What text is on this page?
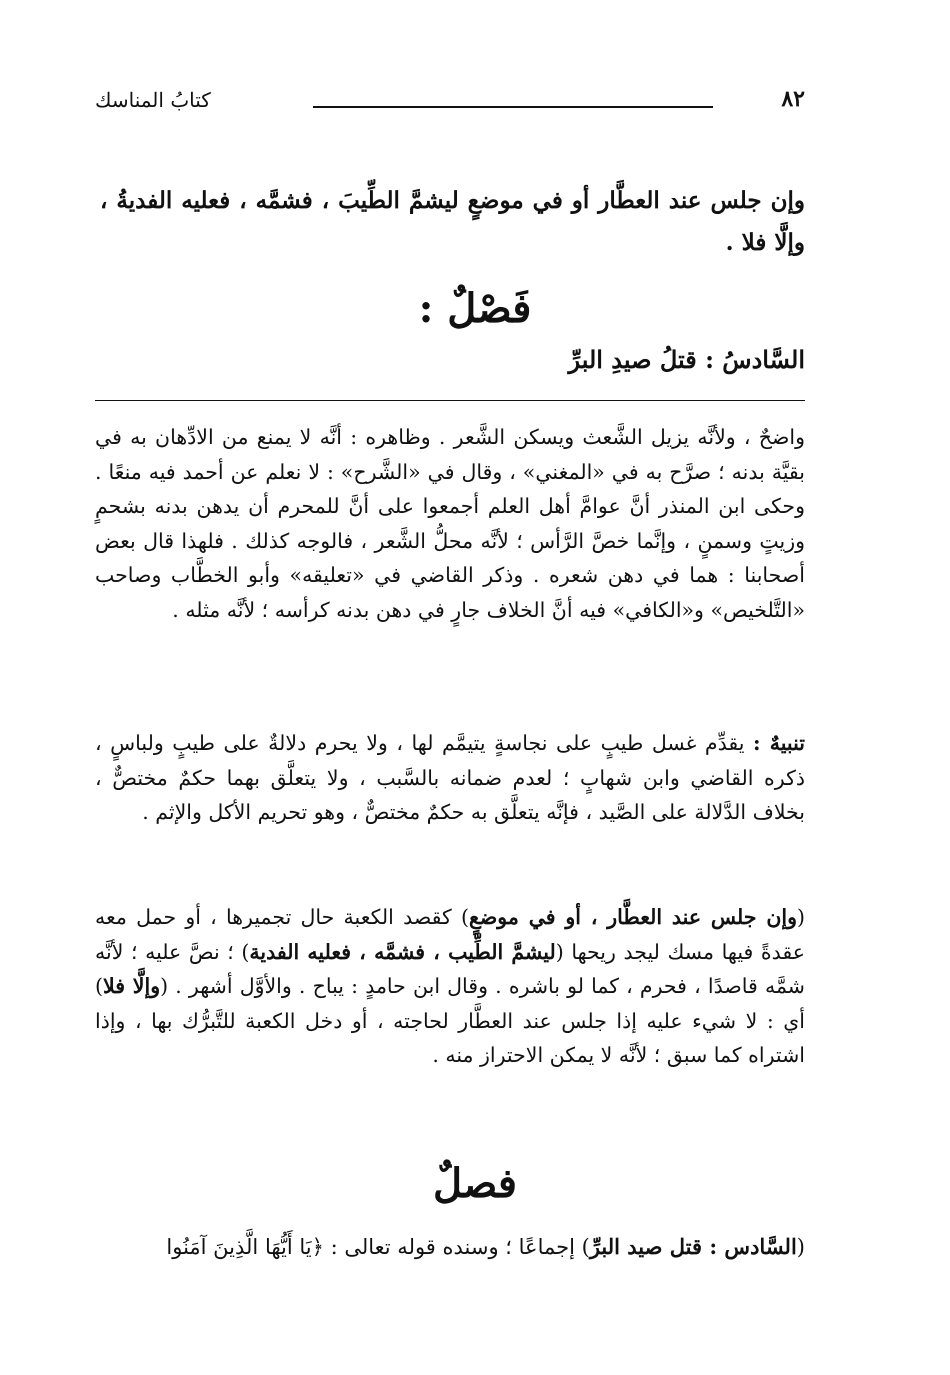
كتابُ المناسك	٨٢
وإن جلس عند العطَّار أو في موضعٍ ليشمَّ الطِّيبَ ، فشمَّه ، فعليه الفديةُ ، وإلَّا فلا .
فَصْلٌ :
السَّادسُ : قتلُ صيدِ البرِّ
واضحٌ ، ولأنَّه يزيل الشَّعث ويسكن الشَّعر . وظاهره : أنَّه لا يمنع من الادِّهان به في بقيَّة بدنه ؛ صرَّح به في «المغني» ، وقال في «الشَّرح» : لا نعلم عن أحمد فيه منعًا . وحكى ابن المنذر أنَّ عوامَّ أهل العلم أجمعوا على أنَّ للمحرم أن يدهن بدنه بشحمٍ وزيتٍ وسمنٍ ، وإنَّما خصَّ الرَّأس ؛ لأنَّه محلُّ الشَّعر ، فالوجه كذلك . فلهذا قال بعض أصحابنا : هما في دهن شعره . وذكر القاضي في «تعليقه» وأبو الخطَّاب وصاحب «التَّلخيص» و«الكافي» فيه أنَّ الخلاف جارٍ في دهن بدنه كرأسه ؛ لأنَّه مثله .
تنبيهٌ : يقدِّم غسل طيبٍ على نجاسةٍ يتيمَّم لها ، ولا يحرم دلالةٌ على طيبٍ ولباسٍ ، ذكره القاضي وابن شهابٍ ؛ لعدم ضمانه بالسَّبب ، ولا يتعلَّق بهما حكمٌ مختصٌّ ، بخلاف الدَّلالة على الصَّيد ، فإنَّه يتعلَّق به حكمٌ مختصٌّ ، وهو تحريم الأكل والإثم .
(وإن جلس عند العطَّار ، أو في موضعٍ) كقصد الكعبة حال تجميرها ، أو حمل معه عقدةً فيها مسك ليجد ريحها (ليشمَّ الطِّيب ، فشمَّه ، فعليه الفدية) ؛ نصَّ عليه ؛ لأنَّه شمَّه قاصدًا ، فحرم ، كما لو باشره . وقال ابن حامدٍ : يباح . والأوَّل أشهر . (وإلَّا فلا) أي : لا شيء عليه إذا جلس عند العطَّار لحاجته ، أو دخل الكعبة للتَّبرُّك بها ، وإذا اشتراه كما سبق ؛ لأنَّه لا يمكن الاحتراز منه .
فصلٌ
(السَّادس : قتل صيد البرِّ) إجماعًا ؛ وسنده قوله تعالى : ﴿يَا أَيُّهَا الَّذِينَ آمَنُوا
